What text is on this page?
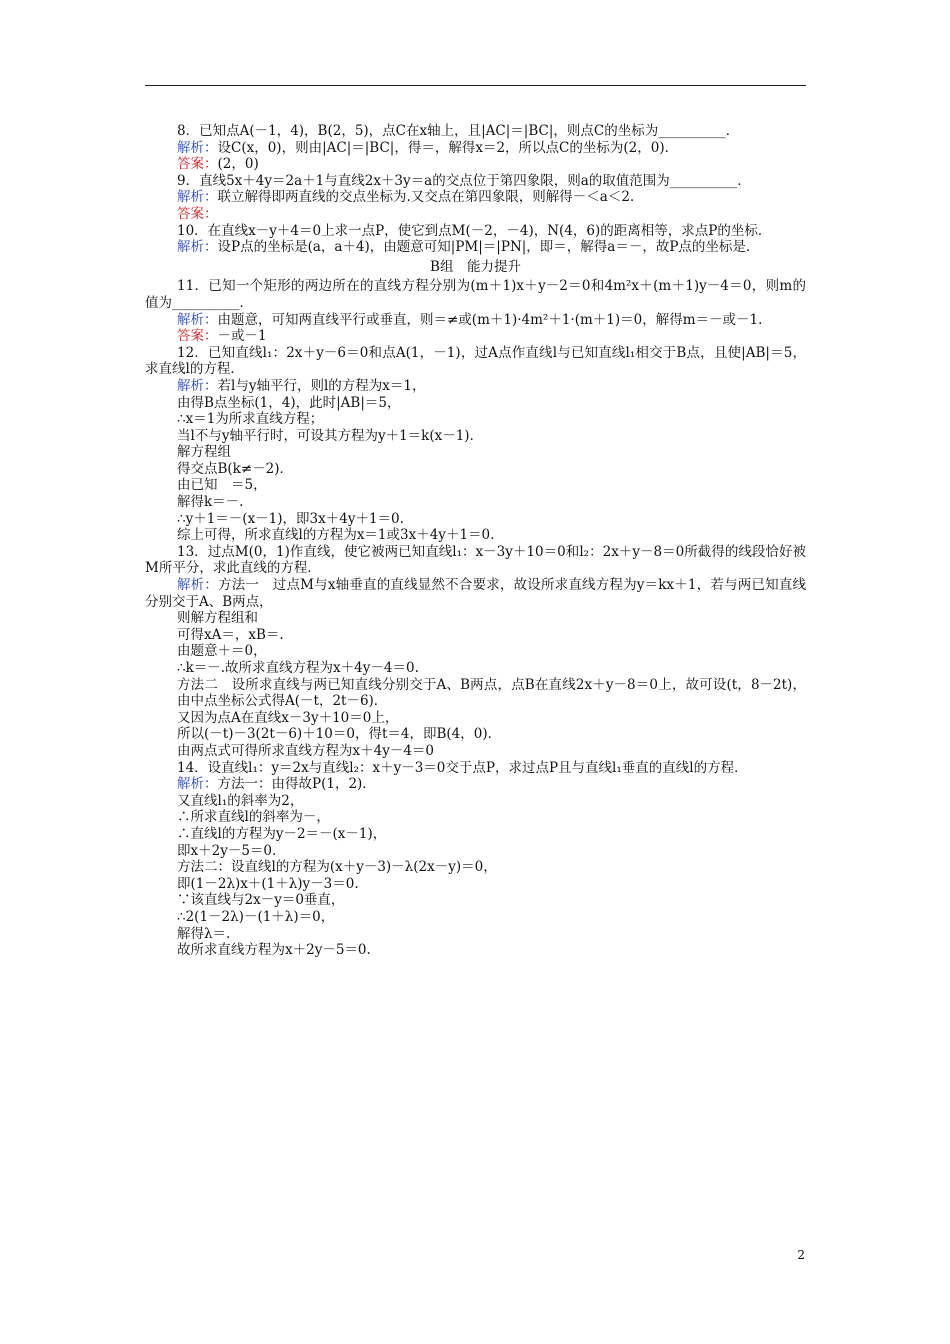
8．已知点A(－1，4)，B(2，5)，点C在x轴上，且|AC|＝|BC|，则点C的坐标为__________．
解析：设C(x，0)，则由|AC|＝|BC|，得＝，解得x＝2，所以点C的坐标为(2，0)．
答案：(2，0)
9．直线5x＋4y＝2a＋1与直线2x＋3y＝a的交点位于第四象限，则a的取值范围为__________．
解析：联立解得即两直线的交点坐标为.又交点在第四象限，则解得－＜a＜2.
答案：
10．在直线x－y＋4＝0上求一点P，使它到点M(－2，－4)，N(4，6)的距离相等，求点P的坐标．
解析：设P点的坐标是(a，a＋4)，由题意可知|PM|＝|PN|，即＝，解得a＝－，故P点的坐标是.
B组　能力提升
11．已知一个矩形的两边所在的直线方程分别为(m＋1)x＋y－2＝0和4m²x＋(m＋1)y－4＝0，则m的值为__________．
解析：由题意，可知两直线平行或垂直，则＝≠或(m＋1)·4m²＋1·(m＋1)＝0，解得m＝－或－1.
答案：－或－1
12．已知直线l₁：2x＋y－6＝0和点A(1，－1)，过A点作直线l与已知直线l₁相交于B点，且使|AB|＝5，求直线l的方程．
解析：若l与y轴平行，则l的方程为x＝1，
由得B点坐标(1，4)，此时|AB|＝5，
∴x＝1为所求直线方程；
当l不与y轴平行时，可设其方程为y＋1＝k(x－1)．
解方程组
得交点B(k≠－2)．
由已知　＝5，
解得k＝－.
∴y＋1＝－(x－1)，即3x＋4y＋1＝0.
综上可得，所求直线l的方程为x＝1或3x＋4y＋1＝0.
13．过点M(0，1)作直线，使它被两已知直线l₁：x－3y＋10＝0和l₂：2x＋y－8＝0所截得的线段恰好被M所平分，求此直线的方程．
解析：方法一　过点M与x轴垂直的直线显然不合要求，故设所求直线方程为y＝kx＋1，若与两已知直线分别交于A、B两点，
则解方程组和
可得xA＝，xB＝.
由题意＋＝0，
∴k＝－.故所求直线方程为x＋4y－4＝0.
方法二　设所求直线与两已知直线分别交于A、B两点，点B在直线2x＋y－8＝0上，故可设(t，8－2t)，由中点坐标公式得A(－t，2t－6)．
又因为点A在直线x－3y＋10＝0上，
所以(－t)－3(2t－6)＋10＝0，得t＝4，即B(4，0)．
由两点式可得所求直线方程为x＋4y－4＝0
14．设直线l₁：y＝2x与直线l₂：x＋y－3＝0交于点P，求过点P且与直线l₁垂直的直线l的方程．
解析：方法一：由得故P(1，2)．
又直线l₁的斜率为2，
∴所求直线l的斜率为－，
∴直线l的方程为y－2＝－(x－1)，
即x＋2y－5＝0.
方法二：设直线l的方程为(x＋y－3)－λ(2x－y)＝0，
即(1－2λ)x＋(1＋λ)y－3＝0.
∵该直线与2x－y＝0垂直，
∴2(1－2λ)－(1＋λ)＝0，
解得λ＝.
故所求直线方程为x＋2y－5＝0.
2
